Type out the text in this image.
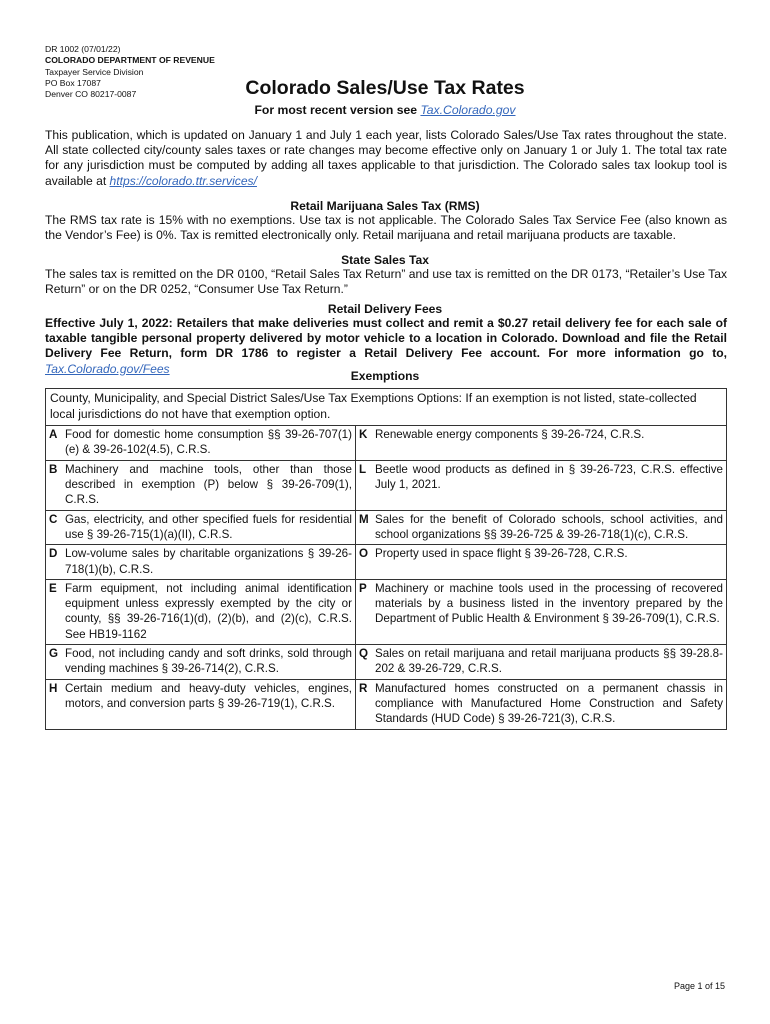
DR 1002 (07/01/22)
COLORADO DEPARTMENT OF REVENUE
Taxpayer Service Division
PO Box 17087
Denver CO 80217-0087	Colorado Sales/Use Tax Rates
For most recent version see Tax.Colorado.gov
This publication, which is updated on January 1 and July 1 each year, lists Colorado Sales/Use Tax rates throughout the state. All state collected city/county sales taxes or rate changes may become effective only on January 1 or July 1. The total tax rate for any jurisdiction must be computed by adding all taxes applicable to that jurisdiction. The Colorado sales tax lookup tool is available at https://colorado.ttr.services/
Retail Marijuana Sales Tax (RMS)
The RMS tax rate is 15% with no exemptions. Use tax is not applicable. The Colorado Sales Tax Service Fee (also known as the Vendor’s Fee) is 0%. Tax is remitted electronically only. Retail marijuana and retail marijuana products are taxable.
State Sales Tax
The sales tax is remitted on the DR 0100, “Retail Sales Tax Return” and use tax is remitted on the DR 0173, “Retailer’s Use Tax Return” or on the DR 0252, “Consumer Use Tax Return.”
Retail Delivery Fees
Effective July 1, 2022: Retailers that make deliveries must collect and remit a $0.27 retail delivery fee for each sale of taxable tangible personal property delivered by motor vehicle to a location in Colorado. Download and file the Retail Delivery Fee Return, form DR 1786 to register a Retail Delivery Fee account. For more information go to, Tax.Colorado.gov/Fees
Exemptions
County, Municipality, and Special District Sales/Use Tax Exemptions Options: If an exemption is not listed, state-collected local jurisdictions do not have that exemption option.	

A Food for domestic home consumption §§ 39-26-707(1)(e) & 39-26-102(4.5), C.R.S.	K Renewable energy components § 39-26-724, C.R.S.

B Machinery and machine tools, other than those described in exemption (P) below § 39-26-709(1), C.R.S.	L Beetle wood products as defined in § 39-26-723, C.R.S. effective July 1, 2021.

C Gas, electricity, and other specified fuels for residential use § 39-26-715(1)(a)(II), C.R.S.	M Sales for the benefit of Colorado schools, school activities, and school organizations §§ 39-26-725 & 39-26-718(1)(c), C.R.S.

D Low-volume sales by charitable organizations § 39-26-718(1)(b), C.R.S.	O Property used in space flight § 39-26-728, C.R.S.

E Farm equipment, not including animal identification equipment unless expressly exempted by the city or county, §§ 39-26-716(1)(d), (2)(b), and (2)(c), C.R.S. See HB19-1162	P Machinery or machine tools used in the processing of recovered materials by a business listed in the inventory prepared by the Department of Public Health & Environment § 39-26-709(1), C.R.S.

G Food, not including candy and soft drinks, sold through vending machines § 39-26-714(2), C.R.S.	Q Sales on retail marijuana and retail marijuana products §§ 39-28.8-202 & 39-26-729, C.R.S.

H Certain medium and heavy-duty vehicles, engines, motors, and conversion parts § 39-26-719(1), C.R.S.	R Manufactured homes constructed on a permanent chassis in compliance with Manufactured Home Construction and Safety Standards (HUD Code) § 39-26-721(3), C.R.S.
Page 1 of 15
